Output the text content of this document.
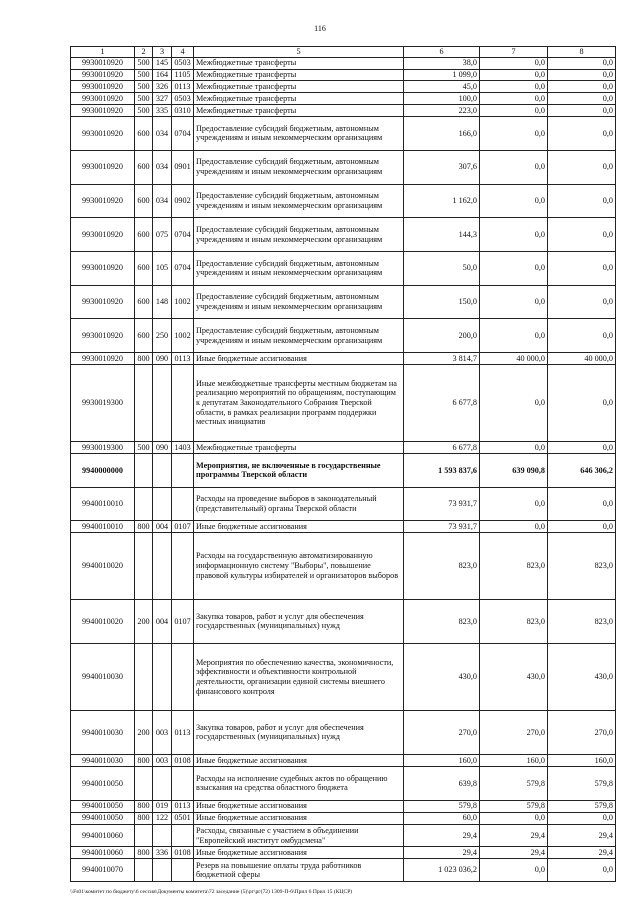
116
1	2	3	4	5	6	7	8
9930010920	500	145	0503	Межбюджетные трансферты	38,0	0,0	0,0
9930010920	500	164	1105	Межбюджетные трансферты	1 099,0	0,0	0,0
9930010920	500	326	0113	Межбюджетные трансферты	45,0	0,0	0,0
9930010920	500	327	0503	Межбюджетные трансферты	100,0	0,0	0,0
9930010920	500	335	0310	Межбюджетные трансферты	223,0	0,0	0,0
9930010920	600	034	0704	Предоставление субсидий бюджетным, автономным учреждениям и иным некоммерческим организациям	166,0	0,0	0,0
9930010920	600	034	0901	Предоставление субсидий бюджетным, автономным учреждениям и иным некоммерческим организациям	307,6	0,0	0,0
9930010920	600	034	0902	Предоставление субсидий бюджетным, автономным учреждениям и иным некоммерческим организациям	1 162,0	0,0	0,0
9930010920	600	075	0704	Предоставление субсидий бюджетным, автономным учреждениям и иным некоммерческим организациям	144,3	0,0	0,0
9930010920	600	105	0704	Предоставление субсидий бюджетным, автономным учреждениям и иным некоммерческим организациям	50,0	0,0	0,0
9930010920	600	148	1002	Предоставление субсидий бюджетным, автономным учреждениям и иным некоммерческим организациям	150,0	0,0	0,0
9930010920	600	250	1002	Предоставление субсидий бюджетным, автономным учреждениям и иным некоммерческим организациям	200,0	0,0	0,0
9930010920	800	090	0113	Иные бюджетные ассигнования	3 814,7	40 000,0	40 000,0
9930019300				Иные межбюджетные трансферты местным бюджетам на реализацию мероприятий по обращениям, поступающим к депутатам Законодательного Собрания Тверской области, в рамках реализации программ поддержки местных инициатив	6 677,8	0,0	0,0
9930019300	500	090	1403	Межбюджетные трансферты	6 677,8	0,0	0,0
9940000000				Мероприятия, не включенные в государственные программы Тверской области	1 593 837,6	639 090,8	646 306,2
9940010010				Расходы на проведение выборов в законодательный (представительный) органы Тверской области	73 931,7	0,0	0,0
9940010010	800	004	0107	Иные бюджетные ассигнования	73 931,7	0,0	0,0
9940010020				Расходы на государственную автоматизированную информационную систему "Выборы", повышение правовой культуры избирателей и организаторов выборов	823,0	823,0	823,0
9940010020	200	004	0107	Закупка товаров, работ и услуг для обеспечения государственных (муниципальных) нужд	823,0	823,0	823,0
9940010030				Мероприятия по обеспечению качества, экономичности, эффективности и объективности контрольной деятельности, организации единой системы внешнего финансового контроля	430,0	430,0	430,0
9940010030	200	003	0113	Закупка товаров, работ и услуг для обеспечения государственных (муниципальных) нужд	270,0	270,0	270,0
9940010030	800	003	0108	Иные бюджетные ассигнования	160,0	160,0	160,0
9940010050				Расходы на исполнение судебных актов по обращению взыскания на средства областного бюджета	639,8	579,8	579,8
9940010050	800	019	0113	Иные бюджетные ассигнования	579,8	579,8	579,8
9940010050	800	122	0501	Иные бюджетные ассигнования	60,0	0,0	0,0
9940010060				Расходы, связанные с участием в объединении "Европейский институт омбудсмена"	29,4	29,4	29,4
9940010060	800	336	0108	Иные бюджетные ассигнования	29,4	29,4	29,4
9940010070				Резерв на повышение оплаты труда работников бюджетной сферы	1 023 036,2	0,0	0,0
\\Fs01\комитет по бюджету\6 сессия\Документы комитета\72 заседание (5)\рг\рг(72) 1309-П-6\Прил 6 Прил 15 (КЦСР)
